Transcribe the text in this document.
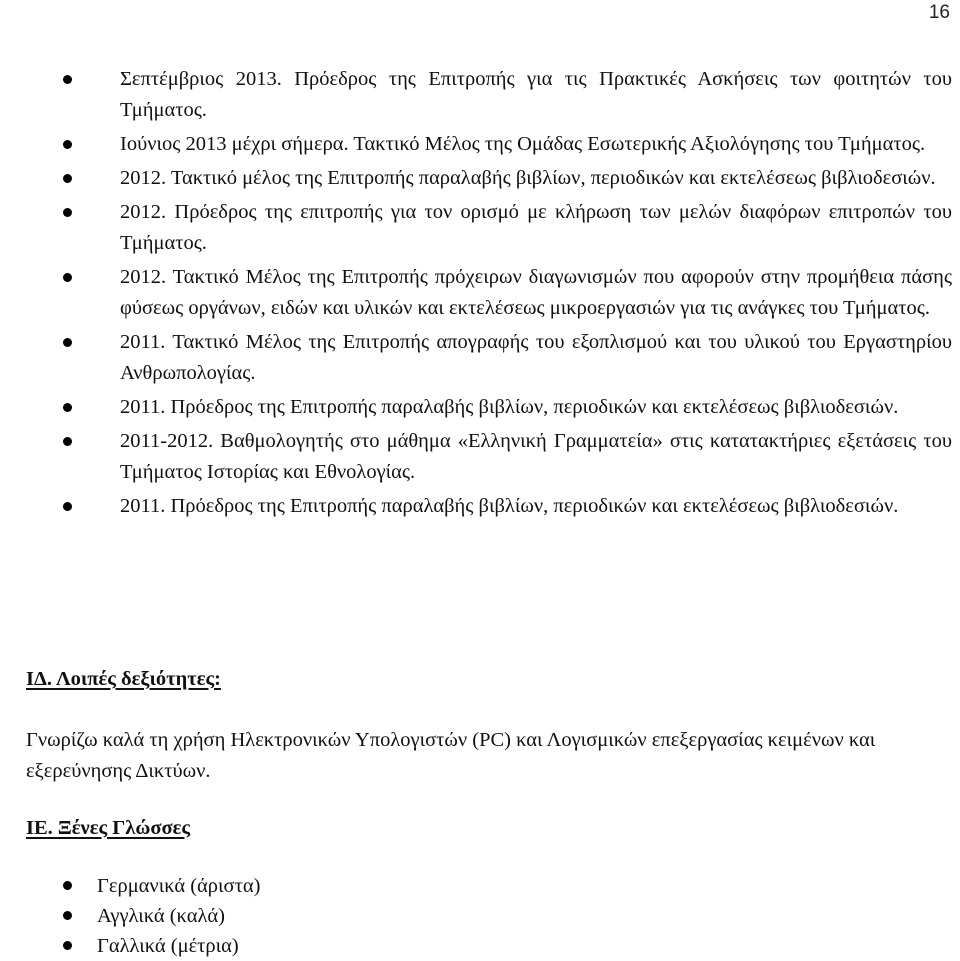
16
Σεπτέμβριος 2013. Πρόεδρος της Επιτροπής για τις Πρακτικές Ασκήσεις των φοιτητών του Τμήματος.
Ιούνιος 2013 μέχρι σήμερα. Τακτικό Μέλος της Ομάδας Εσωτερικής Αξιολόγησης του Τμήματος.
2012. Τακτικό μέλος της Επιτροπής παραλαβής βιβλίων, περιοδικών και εκτελέσεως βιβλιοδεσιών.
2012. Πρόεδρος της επιτροπής για τον ορισμό με κλήρωση των μελών διαφόρων επιτροπών του Τμήματος.
2012. Τακτικό Μέλος της Επιτροπής πρόχειρων διαγωνισμών που αφορούν στην προμήθεια πάσης φύσεως οργάνων, ειδών και υλικών και εκτελέσεως μικροεργασιών για τις ανάγκες του Τμήματος.
2011. Τακτικό Μέλος της Επιτροπής απογραφής του εξοπλισμού και του υλικού του Εργαστηρίου Ανθρωπολογίας.
2011. Πρόεδρος της Επιτροπής παραλαβής βιβλίων, περιοδικών και εκτελέσεως βιβλιοδεσιών.
2011-2012. Βαθμολογητής στο μάθημα «Ελληνική Γραμματεία» στις κατατακτήριες εξετάσεις του Τμήματος Ιστορίας και Εθνολογίας.
2011. Πρόεδρος της Επιτροπής παραλαβής βιβλίων, περιοδικών και εκτελέσεως βιβλιοδεσιών.
ΙΔ. Λοιπές δεξιότητες:

Γνωρίζω καλά τη χρήση Ηλεκτρονικών Υπολογιστών (PC) και Λογισμικών επεξεργασίας κειμένων και εξερεύνησης Δικτύων.

ΙΕ. Ξένες Γλώσσες
Γερμανικά (άριστα)
Αγγλικά (καλά)
Γαλλικά (μέτρια)
